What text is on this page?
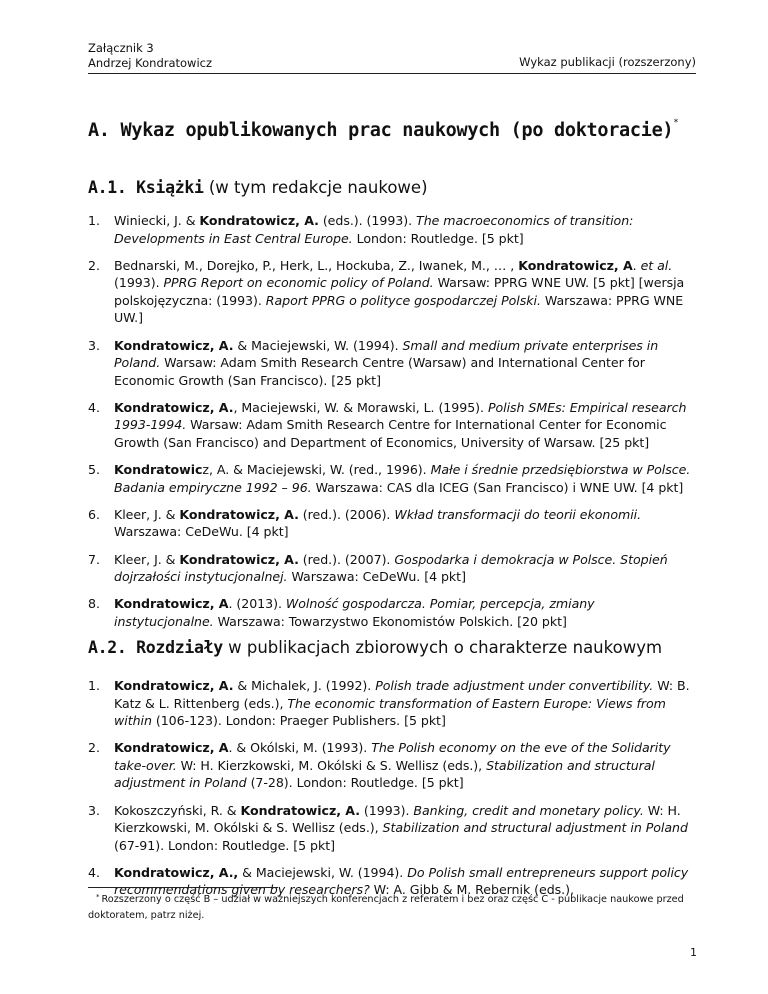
Załącznik 3
Andrzej Kondratowicz	Wykaz publikacji (rozszerzony)
A. Wykaz opublikowanych prac naukowych (po doktoracie)*
A.1. Książki (w tym redakcje naukowe)
1. Winiecki, J. & Kondratowicz, A. (eds.). (1993). The macroeconomics of transition: Developments in East Central Europe. London: Routledge. [5 pkt]
2. Bednarski, M., Dorejko, P., Herk, L., Hockuba, Z., Iwanek, M., … , Kondratowicz, A. et al. (1993). PPRG Report on economic policy of Poland. Warsaw: PPRG WNE UW. [5 pkt] [wersja polskojęzyczna: (1993). Raport PPRG o polityce gospodarczej Polski. Warszawa: PPRG WNE UW.]
3. Kondratowicz, A. & Maciejewski, W. (1994). Small and medium private enterprises in Poland. Warsaw: Adam Smith Research Centre (Warsaw) and International Center for Economic Growth (San Francisco). [25 pkt]
4. Kondratowicz, A., Maciejewski, W. & Morawski, L. (1995). Polish SMEs: Empirical research 1993-1994. Warsaw: Adam Smith Research Centre for International Center for Economic Growth (San Francisco) and Department of Economics, University of Warsaw. [25 pkt]
5. Kondratowicz, A. & Maciejewski, W. (red., 1996). Małe i średnie przedsiębiorstwa w Polsce. Badania empiryczne 1992 – 96. Warszawa: CAS dla ICEG (San Francisco) i WNE UW. [4 pkt]
6. Kleer, J. & Kondratowicz, A. (red.). (2006). Wkład transformacji do teorii ekonomii. Warszawa: CeDeWu. [4 pkt]
7. Kleer, J. & Kondratowicz, A. (red.). (2007). Gospodarka i demokracja w Polsce. Stopień dojrzałości instytucjonalnej. Warszawa: CeDeWu. [4 pkt]
8. Kondratowicz, A. (2013). Wolność gospodarcza. Pomiar, percepcja, zmiany instytucjonalne. Warszawa: Towarzystwo Ekonomistów Polskich. [20 pkt]
A.2. Rozdziały w publikacjach zbiorowych o charakterze naukowym
1. Kondratowicz, A. & Michalek, J. (1992). Polish trade adjustment under convertibility. W: B. Katz & L. Rittenberg (eds.), The economic transformation of Eastern Europe: Views from within (106-123). London: Praeger Publishers. [5 pkt]
2. Kondratowicz, A. & Okólski, M. (1993). The Polish economy on the eve of the Solidarity take-over. W: H. Kierzkowski, M. Okólski & S. Wellisz (eds.), Stabilization and structural adjustment in Poland (7-28). London: Routledge. [5 pkt]
3. Kokoszczyński, R. & Kondratowicz, A. (1993). Banking, credit and monetary policy. W: H. Kierzkowski, M. Okólski & S. Wellisz (eds.), Stabilization and structural adjustment in Poland (67-91). London: Routledge. [5 pkt]
4. Kondratowicz, A., & Maciejewski, W. (1994). Do Polish small entrepreneurs support policy recommendations given by researchers? W: A. Gibb & M. Rebernik (eds.),
* Rozszerzony o część B – udział w ważniejszych konferencjach z referatem i bez oraz część C - publikacje naukowe przed doktoratem, patrz niżej.
1
